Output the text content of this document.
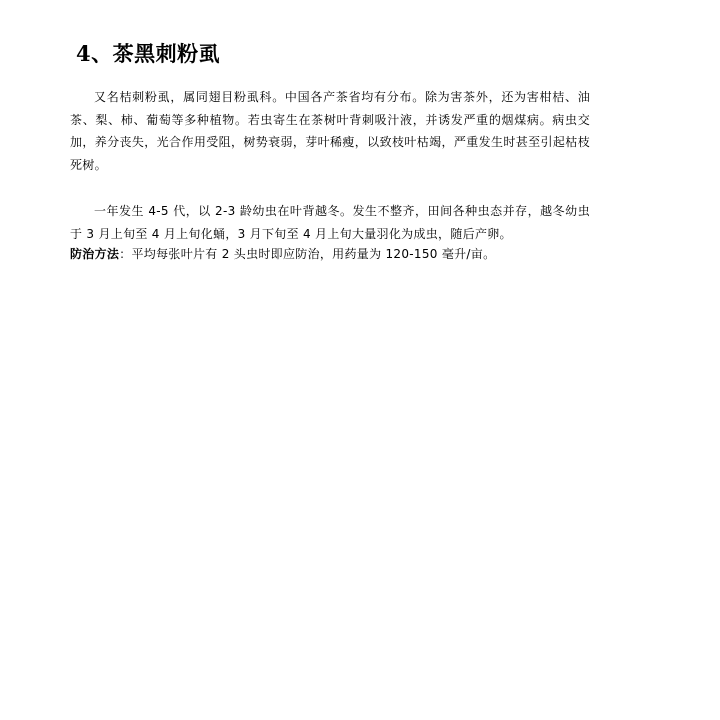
4、茶黑刺粉虱

又名桔刺粉虱，属同翅目粉虱科。中国各产茶省均有分布。除为害茶外，还为害柑桔、油茶、梨、柿、葡萄等多种植物。若虫寄生在茶树叶背刺吸汁液，并诱发严重的烟煤病。病虫交加，养分丧失，光合作用受阻，树势衰弱，芽叶稀瘦，以致枝叶枯竭，严重发生时甚至引起枯枝死树。

一年发生 4-5 代，以 2-3 龄幼虫在叶背越冬。发生不整齐，田间各种虫态并存，越冬幼虫于 3 月上旬至 4 月上旬化蛹，3 月下旬至 4 月上旬大量羽化为成虫，随后产卵。

防治方法：平均每张叶片有 2 头虫时即应防治，用药量为 120-150 毫升/亩。
